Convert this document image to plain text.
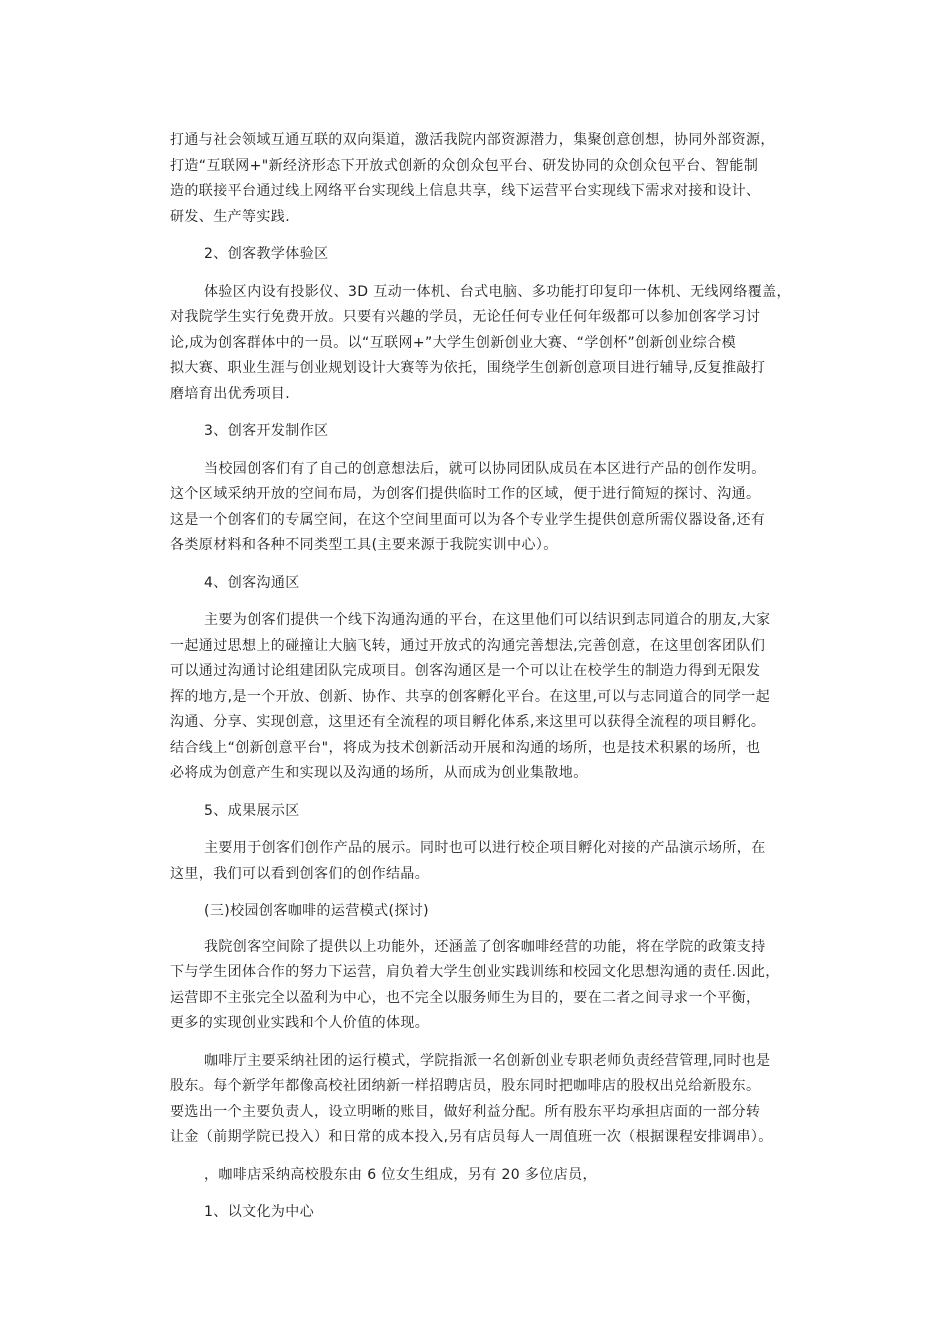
打通与社会领域互通互联的双向渠道，激活我院内部资源潜力，集聚创意创想，协同外部资源，
打造“互联网+"新经济形态下开放式创新的众创众包平台、研发协同的众创众包平台、智能制
造的联接平台通过线上网络平台实现线上信息共享，线下运营平台实现线下需求对接和设计、
研发、生产等实践.

2、创客教学体验区

体验区内设有投影仪、3D 互动一体机、台式电脑、多功能打印复印一体机、无线网络覆盖，
对我院学生实行免费开放。只要有兴趣的学员，无论任何专业任何年级都可以参加创客学习讨
论,成为创客群体中的一员。以“互联网+”大学生创新创业大赛、“学创杯”创新创业综合模
拟大赛、职业生涯与创业规划设计大赛等为依托，围绕学生创新创意项目进行辅导,反复推敲打
磨培育出优秀项目.

3、创客开发制作区

当校园创客们有了自己的创意想法后，就可以协同团队成员在本区进行产品的创作发明。
这个区域采纳开放的空间布局，为创客们提供临时工作的区域，便于进行简短的探讨、沟通。
这是一个创客们的专属空间，在这个空间里面可以为各个专业学生提供创意所需仪器设备,还有
各类原材料和各种不同类型工具(主要来源于我院实训中心）。

4、创客沟通区

主要为创客们提供一个线下沟通沟通的平台，在这里他们可以结识到志同道合的朋友,大家
一起通过思想上的碰撞让大脑飞转，通过开放式的沟通完善想法,完善创意，在这里创客团队们
可以通过沟通讨论组建团队完成项目。创客沟通区是一个可以让在校学生的制造力得到无限发
挥的地方,是一个开放、创新、协作、共享的创客孵化平台。在这里,可以与志同道合的同学一起
沟通、分享、实现创意，这里还有全流程的项目孵化体系,来这里可以获得全流程的项目孵化。
结合线上“创新创意平台"，将成为技术创新活动开展和沟通的场所，也是技术积累的场所，也
必将成为创意产生和实现以及沟通的场所，从而成为创业集散地。

5、成果展示区

主要用于创客们创作产品的展示。同时也可以进行校企项目孵化对接的产品演示场所，在
这里，我们可以看到创客们的创作结晶。

(三)校园创客咖啡的运营模式(探讨)

我院创客空间除了提供以上功能外，还涵盖了创客咖啡经营的功能，将在学院的政策支持
下与学生团体合作的努力下运营，肩负着大学生创业实践训练和校园文化思想沟通的责任.因此，
运营即不主张完全以盈利为中心，也不完全以服务师生为目的，要在二者之间寻求一个平衡，
更多的实现创业实践和个人价值的体现。

咖啡厅主要采纳社团的运行模式，学院指派一名创新创业专职老师负责经营管理,同时也是
股东。每个新学年都像高校社团纳新一样招聘店员，股东同时把咖啡店的股权出兑给新股东。
要选出一个主要负责人，设立明晰的账目，做好利益分配。所有股东平均承担店面的一部分转
让金（前期学院已投入）和日常的成本投入,另有店员每人一周值班一次（根据课程安排调串）。

，咖啡店采纳高校股东由 6 位女生组成，另有 20 多位店员，

1、以文化为中心
